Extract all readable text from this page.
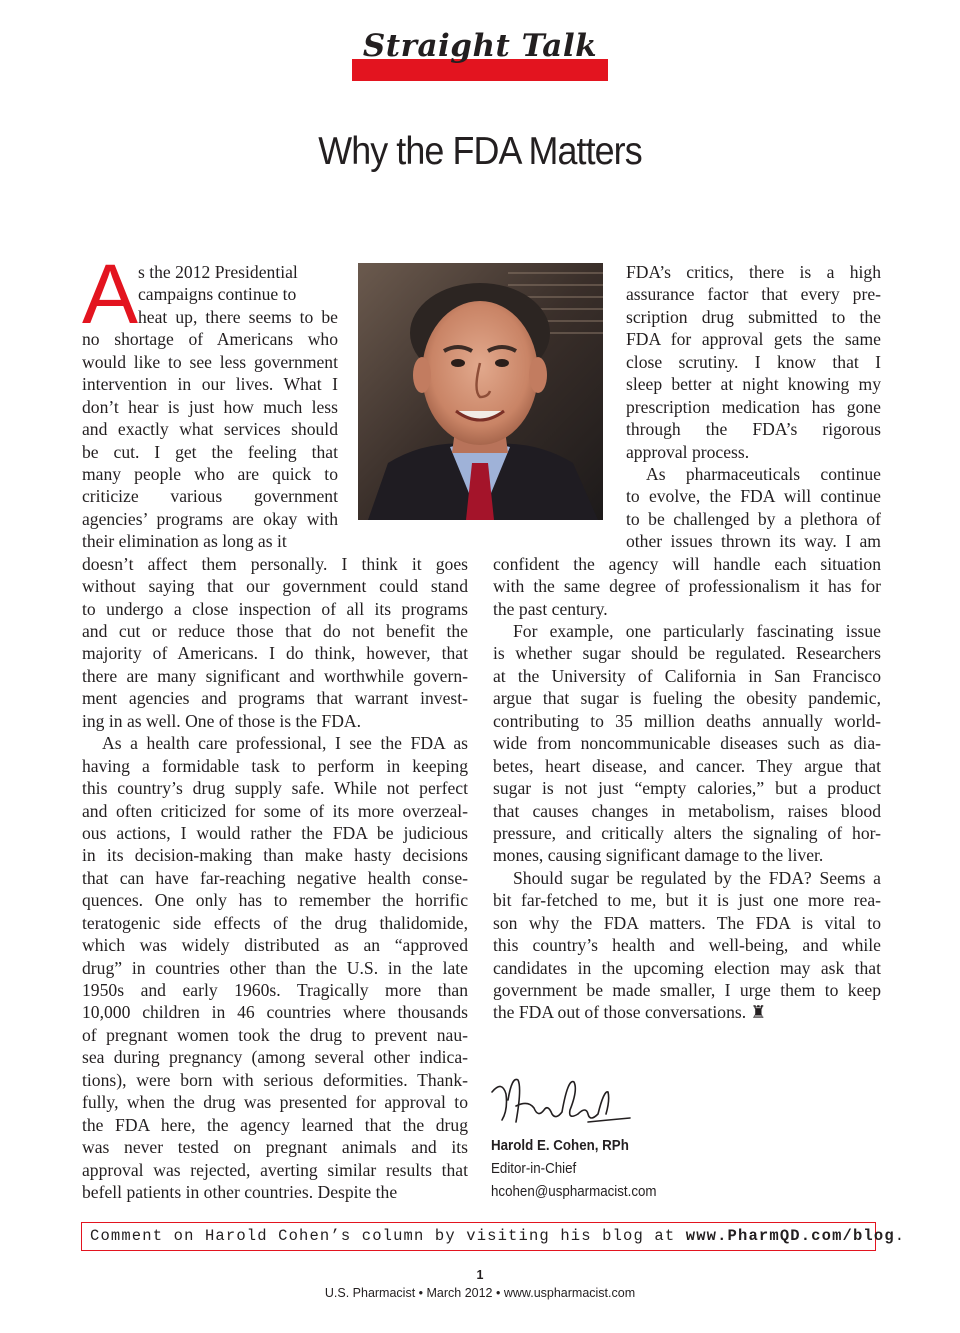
Straight Talk
Why the FDA Matters
A s the 2012 Presidential
campaigns continue to
heat up, there seems to be
no shortage of Americans who
would like to see less government
intervention in our lives. What I
don’t hear is just how much less
and exactly what services should
be cut. I get the feeling that
many people who are quick to
criticize various government
agencies’ programs are okay with
their elimination as long as it
doesn’t affect them personally. I think it goes
without saying that our government could stand
to undergo a close inspection of all its programs
and cut or reduce those that do not benefit the
majority of Americans. I do think, however, that
there are many significant and worthwhile govern-
ment agencies and programs that warrant invest-
ing in as well. One of those is the FDA.
As a health care professional, I see the FDA as
having a formidable task to perform in keeping
this country’s drug supply safe. While not perfect
and often criticized for some of its more overzeal-
ous actions, I would rather the FDA be judicious
in its decision-making than make hasty decisions
that can have far-reaching negative health conse-
quences. One only has to remember the horrific
teratogenic side effects of the drug thalidomide,
which was widely distributed as an “approved
drug” in countries other than the U.S. in the late
1950s and early 1960s. Tragically more than
10,000 children in 46 countries where thousands
of pregnant women took the drug to prevent nau-
sea during pregnancy (among several other indica-
tions), were born with serious deformities. Thank-
fully, when the drug was presented for approval to
the FDA here, the agency learned that the drug
was never tested on pregnant animals and its
approval was rejected, averting similar results that
befell patients in other countries. Despite the
FDA’s critics, there is a high
assurance factor that every pre-
scription drug submitted to the
FDA for approval gets the same
close scrutiny. I know that I
sleep better at night knowing my
prescription medication has gone
through the FDA’s rigorous
approval process.
As pharmaceuticals continue
to evolve, the FDA will continue
to be challenged by a plethora of
other issues thrown its way. I am
confident the agency will handle each situation
with the same degree of professionalism it has for
the past century.
For example, one particularly fascinating issue
is whether sugar should be regulated. Researchers
at the University of California in San Francisco
argue that sugar is fueling the obesity pandemic,
contributing to 35 million deaths annually world-
wide from noncommunicable diseases such as dia-
betes, heart disease, and cancer. They argue that
sugar is not just “empty calories,” but a product
that causes changes in metabolism, raises blood
pressure, and critically alters the signaling of hor-
mones, causing significant damage to the liver.
Should sugar be regulated by the FDA? Seems a
bit far-fetched to me, but it is just one more rea-
son why the FDA matters. The FDA is vital to
this country’s health and well-being, and while
candidates in the upcoming election may ask that
government be made smaller, I urge them to keep
the FDA out of those conversations. ♜
Harold E. Cohen, RPh
Editor-in-Chief
hcohen@uspharmacist.com
Comment on Harold Cohen’s column by visiting his blog at www.PharmQD.com/blog.
1
U.S. Pharmacist • March 2012 • www.uspharmacist.com
